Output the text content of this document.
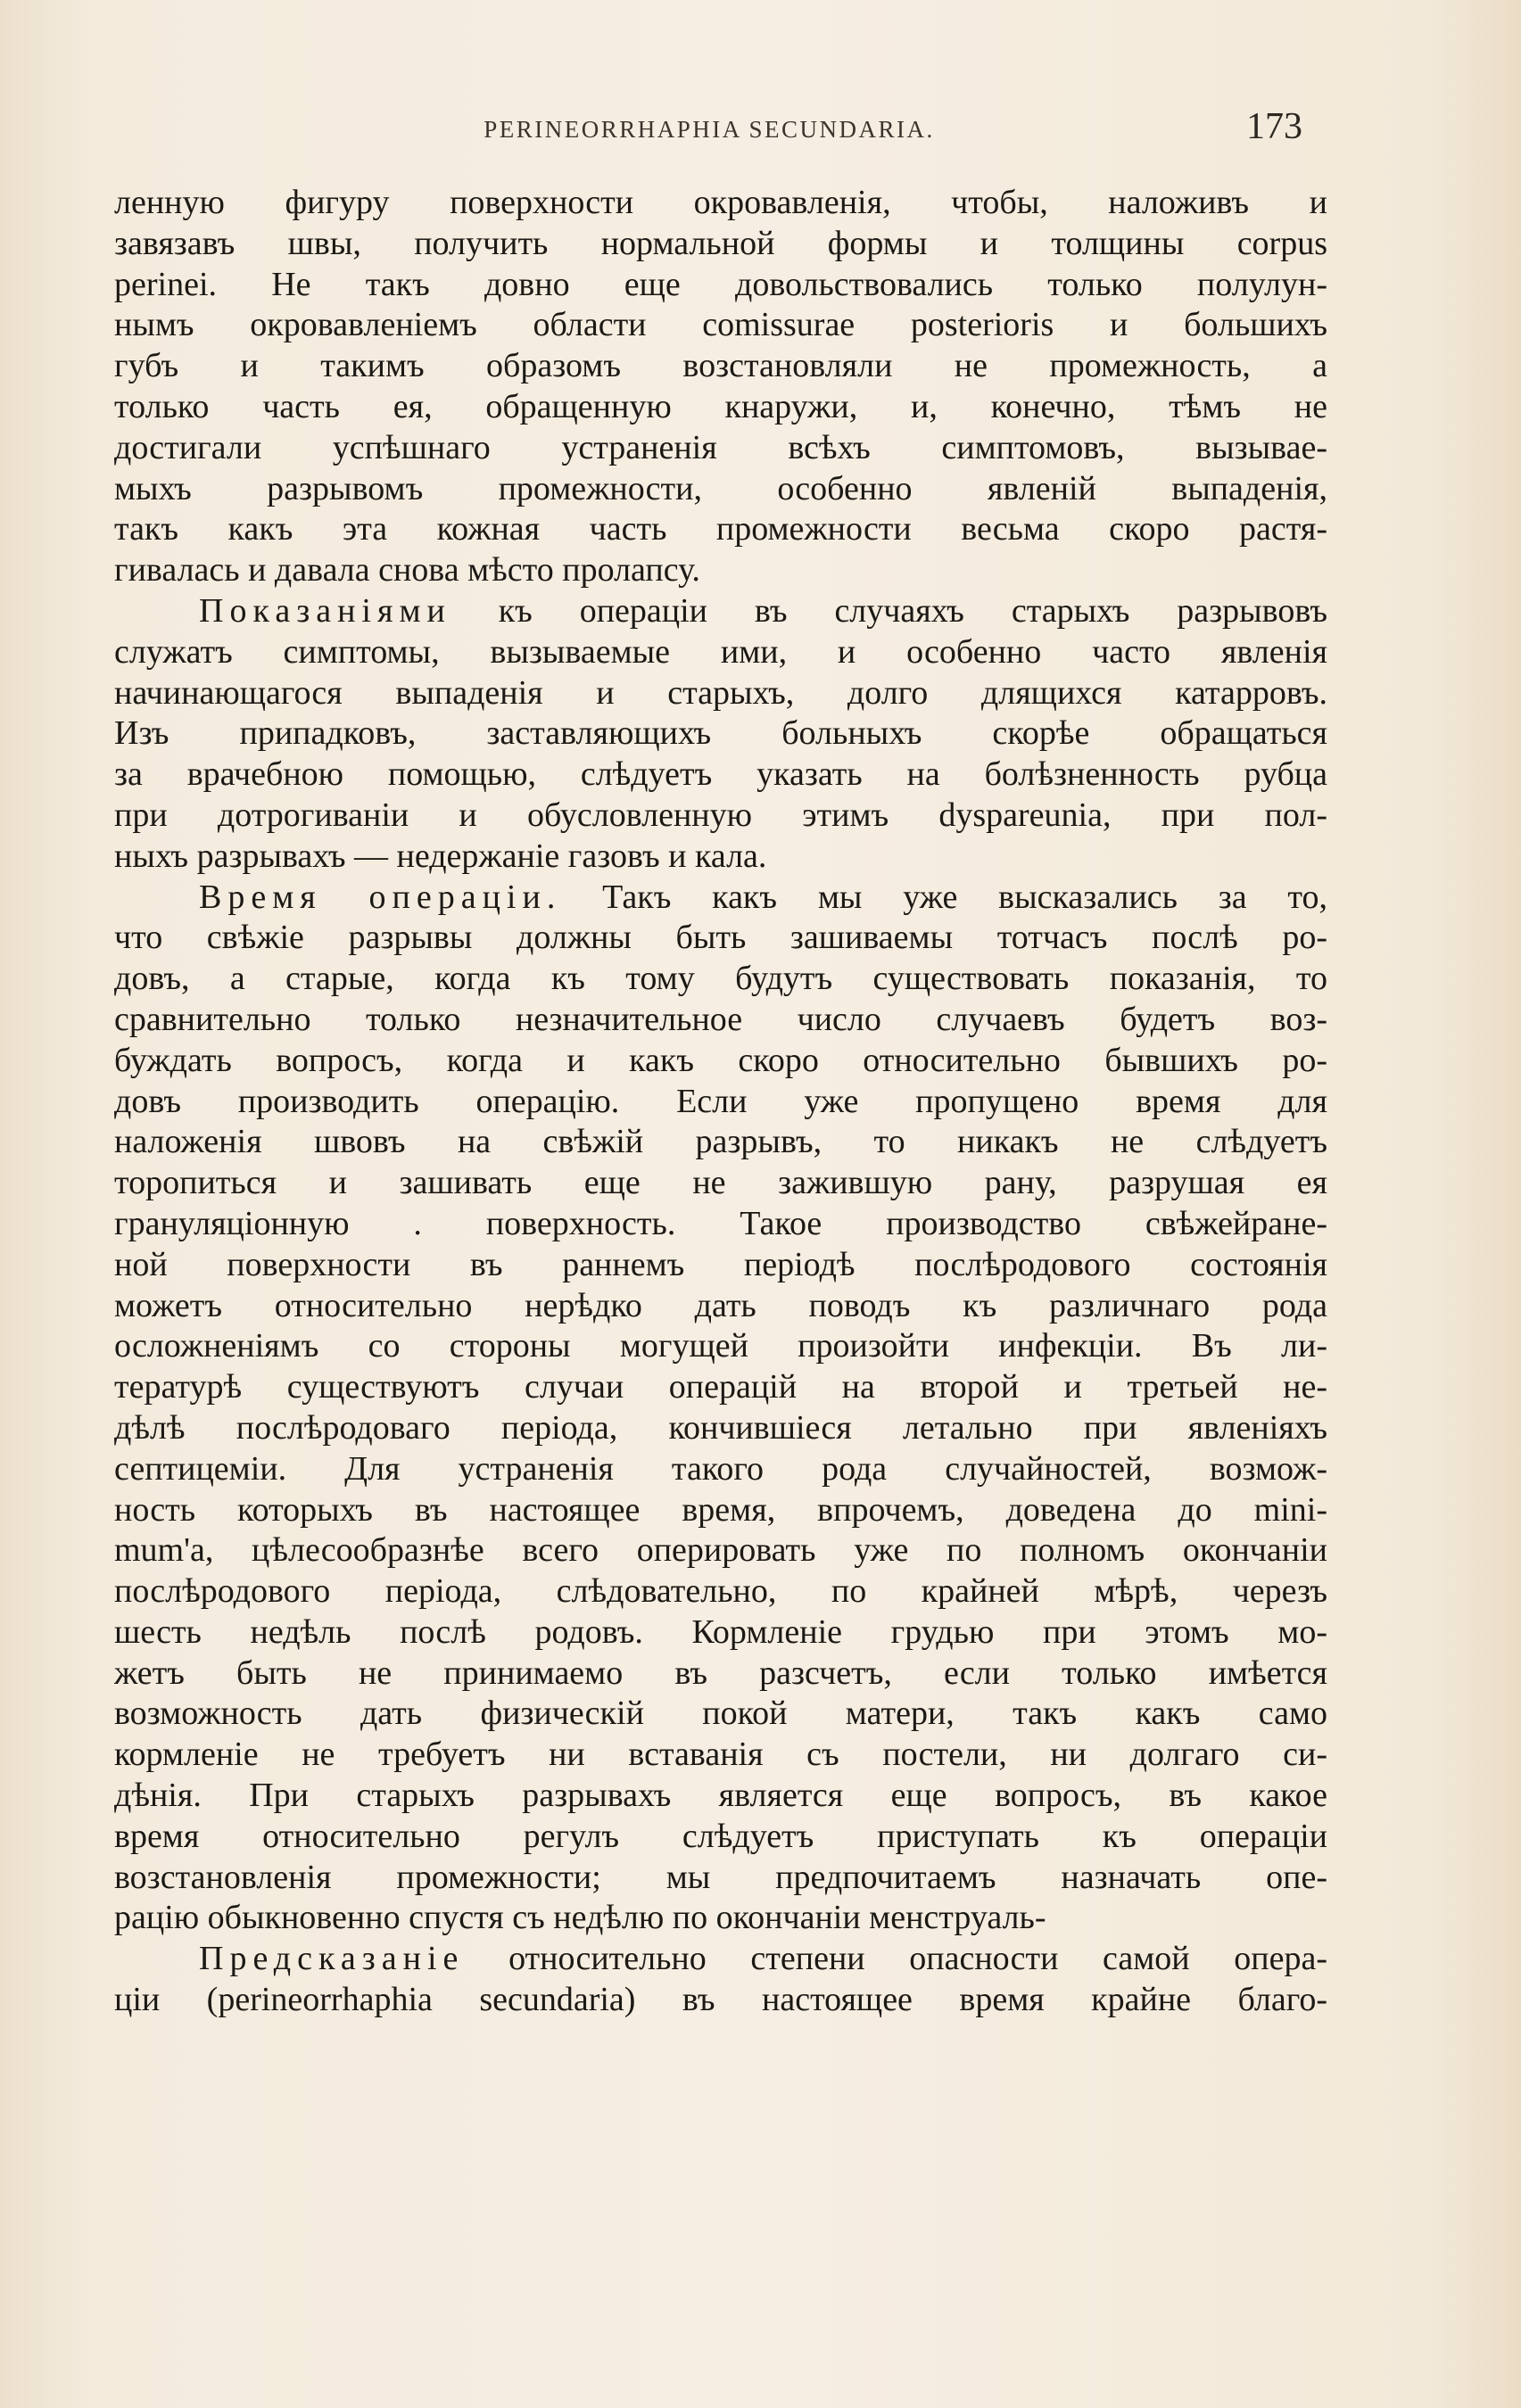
PERINEORRHAPHIA SECUNDARIA.	173

ленную фигуру поверхности окровавленія, чтобы, наложивъ и
завязавъ швы, получить нормальной формы и толщины corpus
perinei. Не такъ довно еще довольствовались только полулун-
нымъ окровавленіемъ области comissurae posterioris и большихъ
губъ и такимъ образомъ возстановляли не промежность, а
только часть ея, обращенную кнаружи, и, конечно, тѣмъ не
достигали успѣшнаго устраненія всѣхъ симптомовъ, вызывае-
мыхъ разрывомъ промежности, особенно явленій выпаденія,
такъ какъ эта кожная часть промежности весьма скоро растя-
гивалась и давала снова мѣсто пролапсу.

Показаніями къ операціи въ случаяхъ старыхъ разрывовъ
служатъ симптомы, вызываемые ими, и особенно часто явленія
начинающагося выпаденія и старыхъ, долго длящихся катарровъ.
Изъ припадковъ, заставляющихъ больныхъ скорѣе обращаться
за врачебною помощью, слѣдуетъ указать на болѣзненность рубца
при дотрогиваніи и обусловленную этимъ dyspareunia, при пол-
ныхъ разрывахъ — недержаніе газовъ и кала.

Время операціи. Такъ какъ мы уже высказались за то,
что свѣжіе разрывы должны быть зашиваемы тотчасъ послѣ ро-
довъ, а старые, когда къ тому будутъ существовать показанія, то
сравнительно только незначительное число случаевъ будетъ воз-
буждать вопросъ, когда и какъ скоро относительно бывшихъ ро-
довъ производить операцію. Если уже пропущено время для
наложенія швовъ на свѣжій разрывъ, то никакъ не слѣдуетъ
торопиться и зашивать еще не зажившую рану, разрушая ея
грануляціонную . поверхность. Такое производство свѣжейране-
ной поверхности въ раннемъ періодѣ послѣродового состоянія
можетъ относительно нерѣдко дать поводъ къ различнаго рода
осложненіямъ со стороны могущей произойти инфекціи. Въ ли-
тературѣ существуютъ случаи операцій на второй и третьей не-
дѣлѣ послѣродоваго періода, кончившіеся летально при явленіяхъ
септицеміи. Для устраненія такого рода случайностей, возмож-
ность которыхъ въ настоящее время, впрочемъ, доведена до mini-
mum'a, цѣлесообразнѣе всего оперировать уже по полномъ окончаніи
послѣродового періода, слѣдовательно, по крайней мѣрѣ, черезъ
шесть недѣль послѣ родовъ. Кормленіе грудью при этомъ мо-
жетъ быть не принимаемо въ разсчетъ, если только имѣется
возможность дать физическій покой матери, такъ какъ само
кормленіе не требуетъ ни вставанія съ постели, ни долгаго си-
дѣнія. При старыхъ разрывахъ является еще вопросъ, въ какое
время относительно регулъ слѣдуетъ приступать къ операціи
возстановленія промежности; мы предпочитаемъ назначать опе-
рацію обыкновенно спустя съ недѣлю по окончаніи менструаль-

Предсказаніе относительно степени опасности самой опера-
ціи (perineorrhaphia secundaria) въ настоящее время крайне благо-
